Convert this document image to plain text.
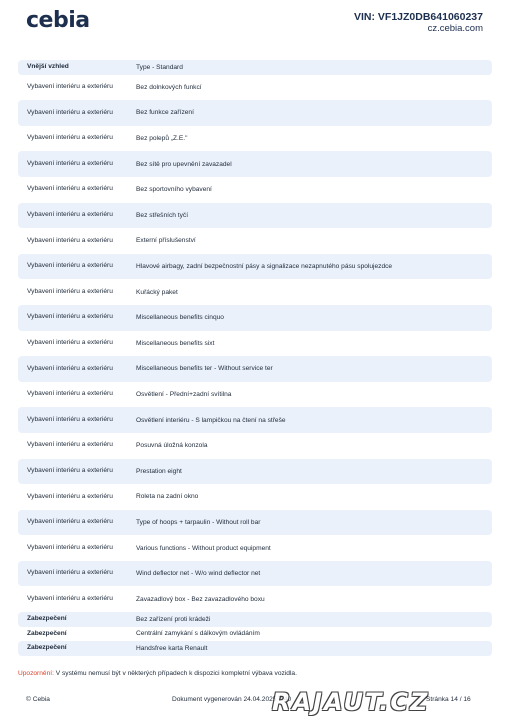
cebia	VIN: VF1JZ0DB641060237
cz.cebia.com
Vnější vzhled	Type - Standard
Vybavení interiéru a exteriéru	Bez dolnkových funkcí
Vybavení interiéru a exteriéru	Bez funkce zařízení
Vybavení interiéru a exteriéru	Bez polepů „Z.E."
Vybavení interiéru a exteriéru	Bez sítě pro upevnění zavazadel
Vybavení interiéru a exteriéru	Bez sportovního vybavení
Vybavení interiéru a exteriéru	Bez střešních tyčí
Vybavení interiéru a exteriéru	Externí příslušenství
Vybavení interiéru a exteriéru	Hlavové airbagy, zadní bezpečnostní pásy a signalizace nezapnutého pásu spolujezdce
Vybavení interiéru a exteriéru	Kuřácký paket
Vybavení interiéru a exteriéru	Miscellaneous benefits cinquo
Vybavení interiéru a exteriéru	Miscellaneous benefits sixt
Vybavení interiéru a exteriéru	Miscellaneous benefits ter - Without service ter
Vybavení interiéru a exteriéru	Osvětlení - Přední+zadní svítilna
Vybavení interiéru a exteriéru	Osvětlení interiéru - S lampičkou na čtení na střeše
Vybavení interiéru a exteriéru	Posuvná úložná konzola
Vybavení interiéru a exteriéru	Prestation eight
Vybavení interiéru a exteriéru	Roleta na zadní okno
Vybavení interiéru a exteriéru	Type of hoops + tarpaulin - Without roll bar
Vybavení interiéru a exteriéru	Various functions - Without product equipment
Vybavení interiéru a exteriéru	Wind deflector net - W/o wind deflector net
Vybavení interiéru a exteriéru	Zavazadlový box - Bez zavazadlového boxu
Zabezpečení	Bez zařízení proti krádeži
Zabezpečení	Centrální zamykání s dálkovým ovládáním
Zabezpečení	Handsfree karta Renault
Upozornění: V systému nemusí být v některých případech k dispozici kompletní výbava vozidla.
© Cebia	Dokument vygenerován 24.04.2025 7:40	Stránka 14 / 16
RAJAUT.CZ
